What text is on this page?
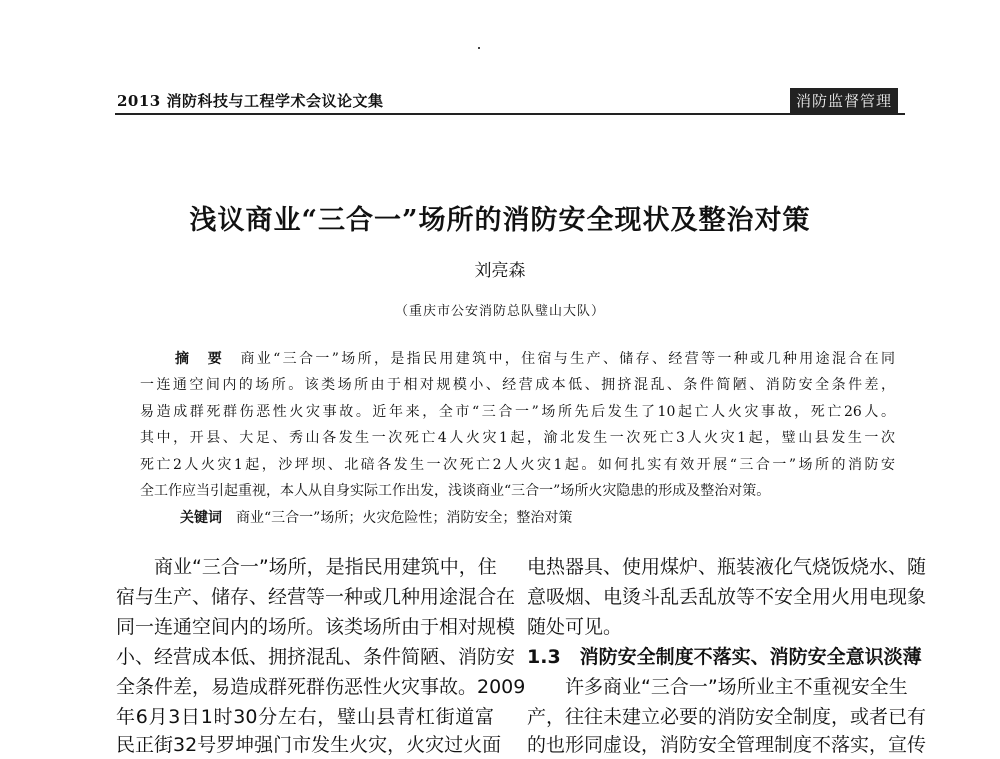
2013 消防科技与工程学术会议论文集	消防监督管理
浅议商业“三合一”场所的消防安全现状及整治对策
刘亮森
（重庆市公安消防总队璧山大队）
摘　要　 商业“三合一”场所，是指民用建筑中，住宿与生产、储存、经营等一种或几种用途混合在同
一连通空间内的场所。该类场所由于相对规模小、经营成本低、拥挤混乱、条件简陋、消防安全条件差，
易造成群死群伤恶性火灾事故。近年来，全市“三合一”场所先后发生了10起亡人火灾事故，死亡26人。
其中，开县、大足、秀山各发生一次死亡4人火灾1起，渝北发生一次死亡3人火灾1起，璧山县发生一次
死亡2人火灾1起，沙坪坝、北碚各发生一次死亡2人火灾1起。如何扎实有效开展“三合一”场所的消防安
全工作应当引起重视，本人从自身实际工作出发，浅谈商业“三合一”场所火灾隐患的形成及整治对策。
关键词　 商业“三合一”场所；火灾危险性；消防安全；整治对策
　　商业“三合一”场所，是指民用建筑中，住
宿与生产、储存、经营等一种或几种用途混合在
同一连通空间内的场所。该类场所由于相对规模
小、经营成本低、拥挤混乱、条件简陋、消防安
全条件差，易造成群死群伤恶性火灾事故。2009
年6月3日1时30分左右，璧山县青杠街道富
民正街32号罗坤强门市发生火灾，火灾过火面
电热器具、使用煤炉、瓶装液化气烧饭烧水、随
意吸烟、电烫斗乱丢乱放等不安全用火用电现象
随处可见。
1.3　消防安全制度不落实、消防安全意识淡薄
　　许多商业“三合一”场所业主不重视安全生
产，往往未建立必要的消防安全制度，或者已有
的也形同虚设，消防安全管理制度不落实，宣传
